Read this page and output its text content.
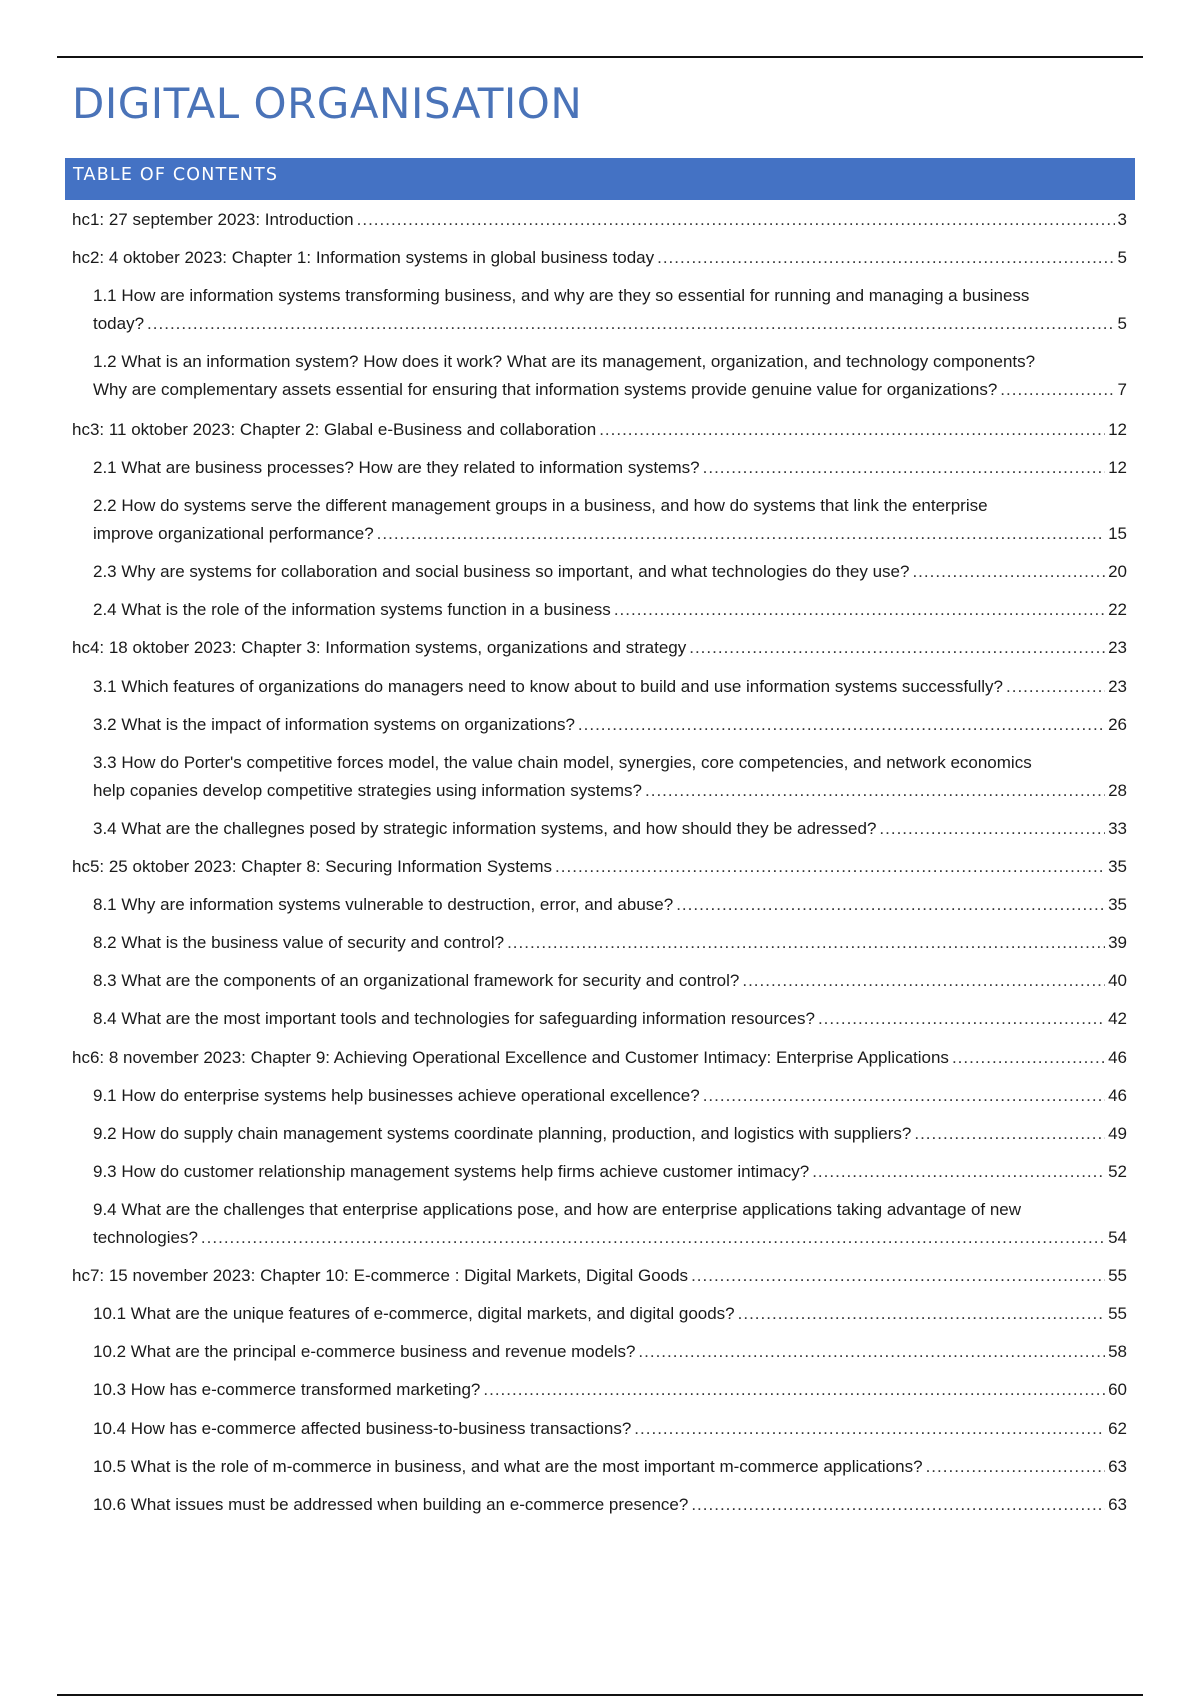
DIGITAL ORGANISATION
TABLE OF CONTENTS
hc1: 27 september 2023: Introduction .....	3
hc2: 4 oktober 2023: Chapter 1: Information systems in global business today .....	5
1.1 How are information systems transforming business, and why are they so essential for running and managing a business
today? .....	5
1.2 What is an information system? How does it work? What are its management, organization, and technology components?
Why are complementary assets essential for ensuring that information systems provide genuine value for organizations? .....	7
hc3: 11 oktober 2023: Chapter 2: Glabal e-Business and collaboration .....	12
2.1 What are business processes? How are they related to information systems? .....	12
2.2 How do systems serve the different management groups in a business, and how do systems that link the enterprise
improve organizational performance? .....	15
2.3 Why are systems for collaboration and social business so important, and what technologies do they use? .....	20
2.4 What is the role of the information systems function in a business .....	22
hc4: 18 oktober 2023: Chapter 3: Information systems, organizations and strategy .....	23
3.1 Which features of organizations do managers need to know about to build and use information systems successfully? .....	23
3.2 What is the impact of information systems on organizations? .....	26
3.3 How do Porter's competitive forces model, the value chain model, synergies, core competencies, and network economics
help copanies develop competitive strategies using information systems? .....	28
3.4 What are the challegnes posed by strategic information systems, and how should they be adressed? .....	33
hc5: 25 oktober 2023: Chapter 8: Securing Information Systems .....	35
8.1 Why are information systems vulnerable to destruction, error, and abuse? .....	35
8.2 What is the business value of security and control? .....	39
8.3 What are the components of an organizational framework for security and control? .....	40
8.4 What are the most important tools and technologies for safeguarding information resources? .....	42
hc6: 8 november 2023: Chapter 9: Achieving Operational Excellence and Customer Intimacy: Enterprise Applications .....	46
9.1 How do enterprise systems help businesses achieve operational excellence? .....	46
9.2 How do supply chain management systems coordinate planning, production, and logistics with suppliers? .....	49
9.3 How do customer relationship management systems help firms achieve customer intimacy? .....	52
9.4 What are the challenges that enterprise applications pose, and how are enterprise applications taking advantage of new
technologies? .....	54
hc7: 15 november 2023: Chapter 10: E-commerce : Digital Markets, Digital Goods .....	55
10.1 What are the unique features of e-commerce, digital markets, and digital goods? .....	55
10.2 What are the principal e-commerce business and revenue models? .....	58
10.3 How has e-commerce transformed marketing? .....	60
10.4 How has e-commerce affected business-to-business transactions? .....	62
10.5 What is the role of m-commerce in business, and what are the most important m-commerce applications? .....	63
10.6 What issues must be addressed when building an e-commerce presence? .....	63
